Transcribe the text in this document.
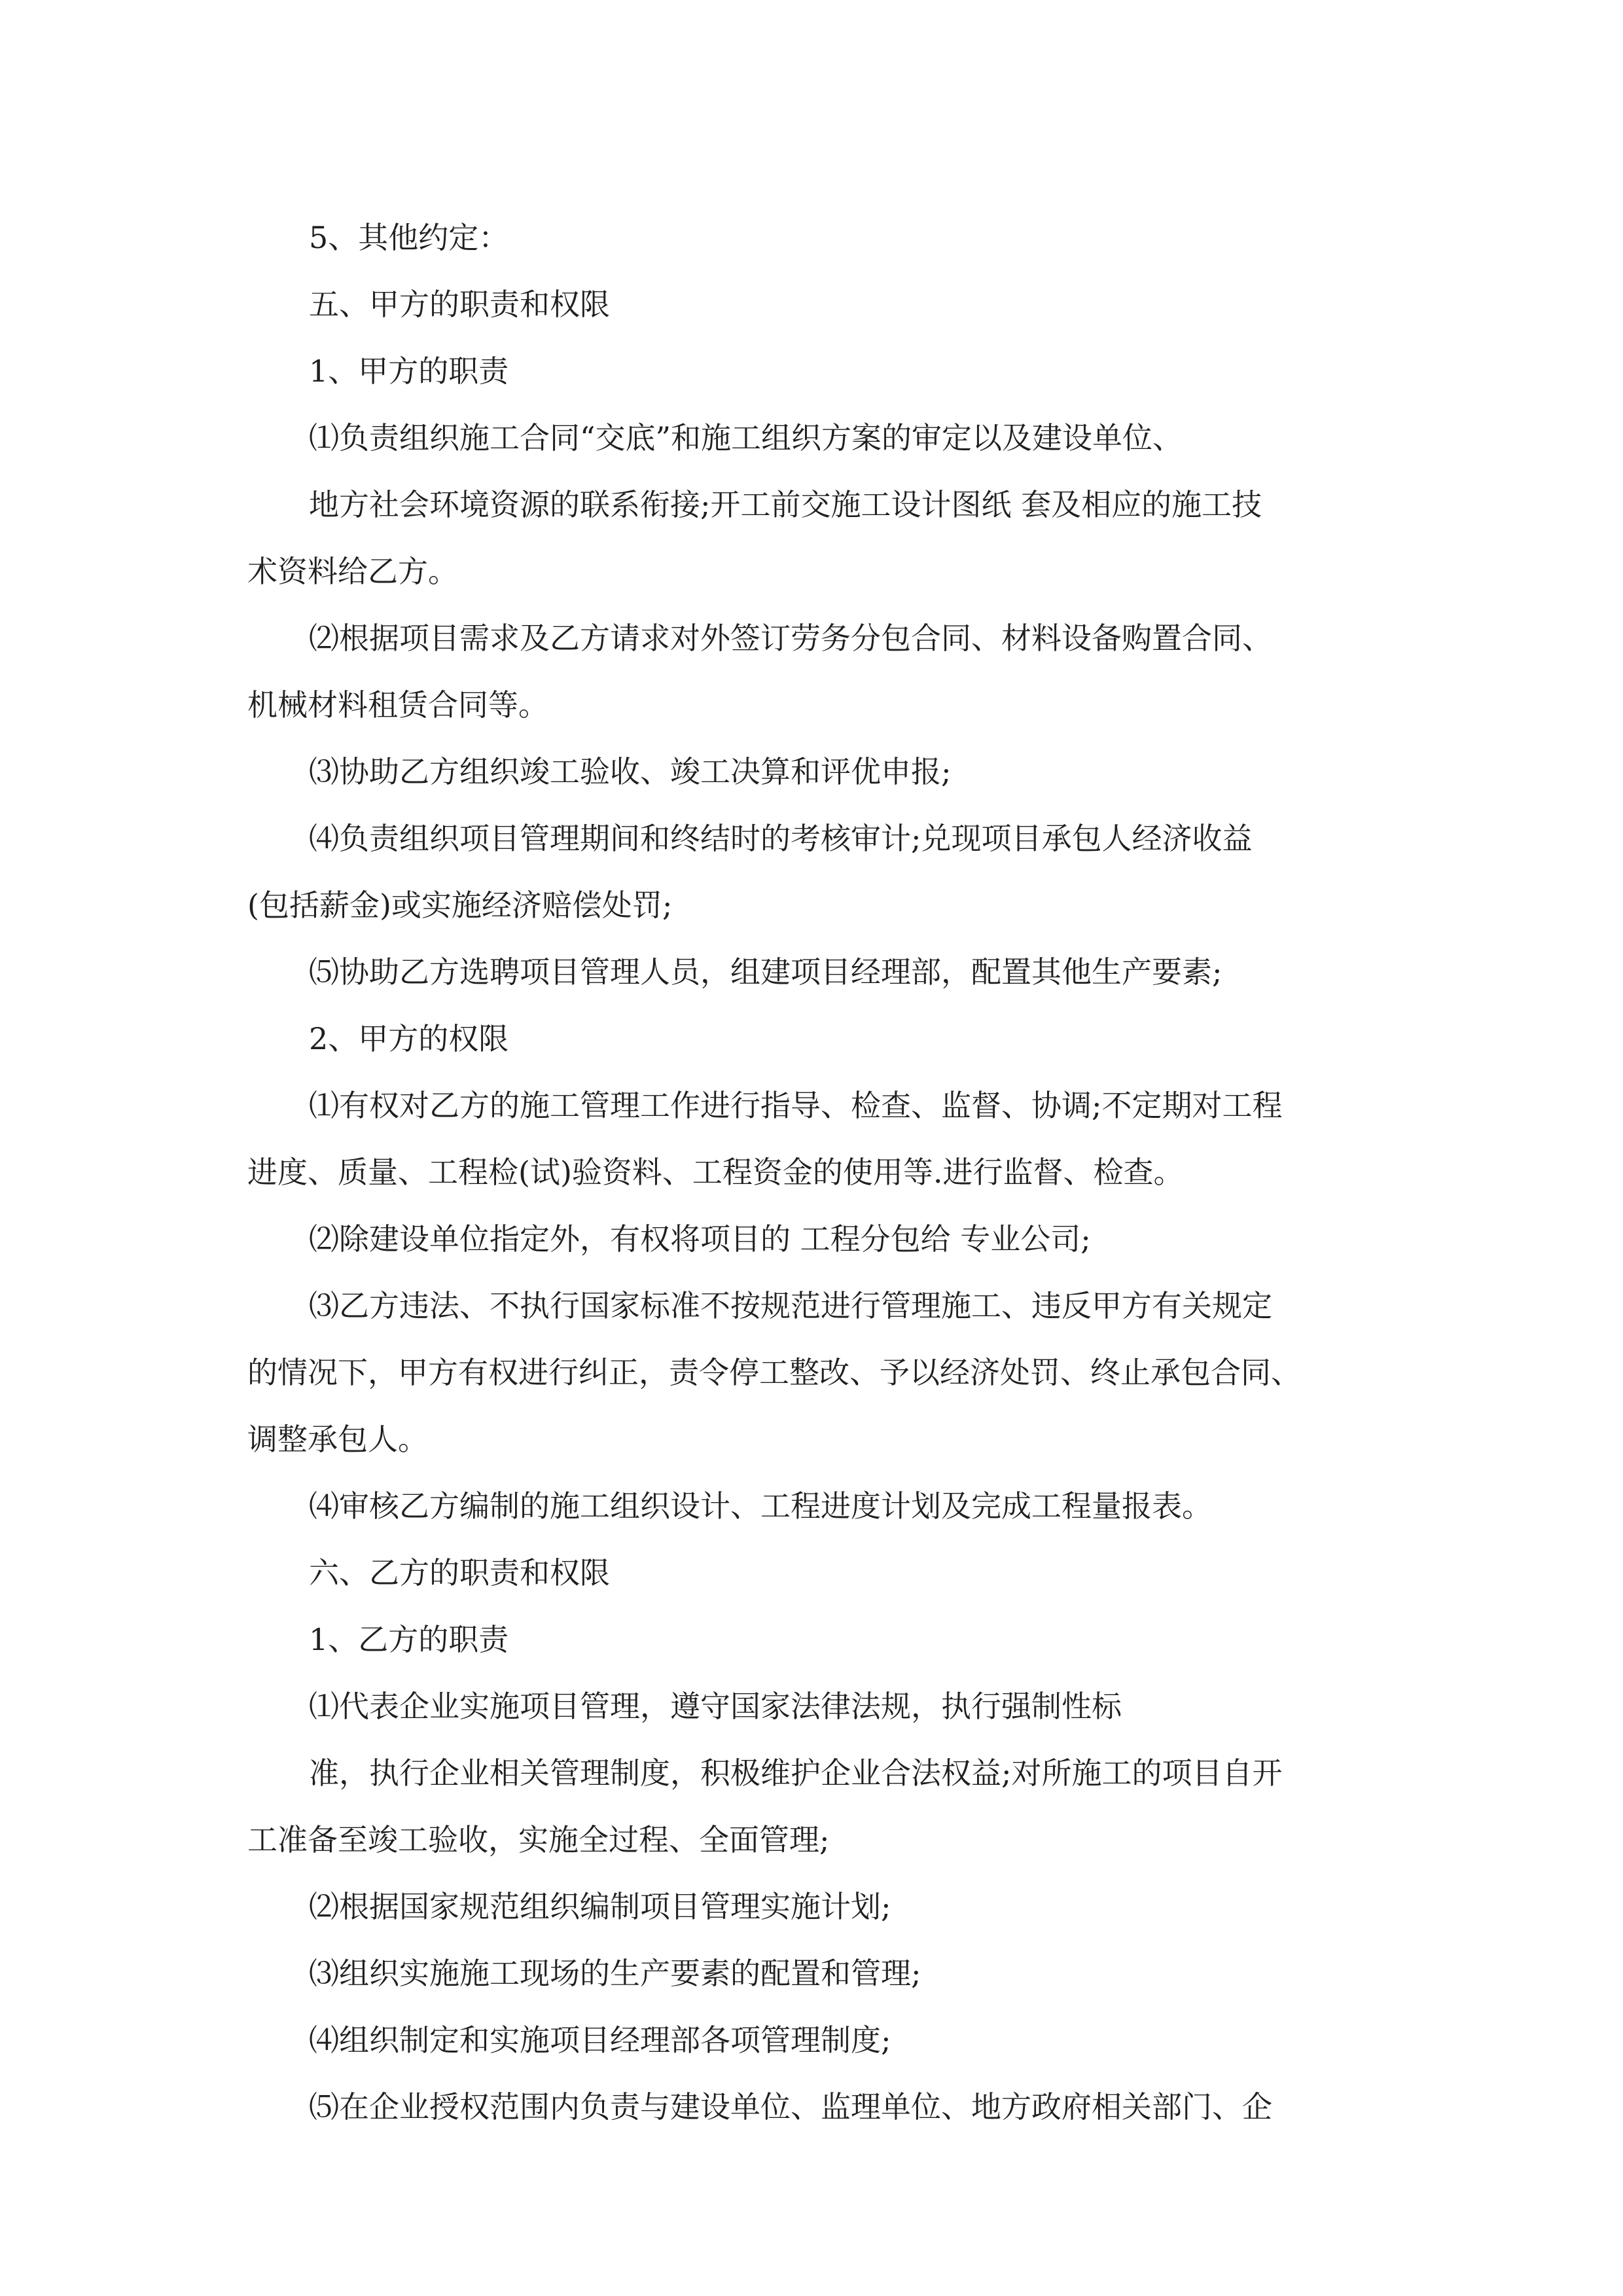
5、其他约定：
五、甲方的职责和权限
1、甲方的职责
⑴负责组织施工合同“交底”和施工组织方案的审定以及建设单位、
地方社会环境资源的联系衔接;开工前交施工设计图纸 套及相应的施工技
术资料给乙方。
⑵根据项目需求及乙方请求对外签订劳务分包合同、材料设备购置合同、
机械材料租赁合同等。
⑶协助乙方组织竣工验收、竣工决算和评优申报;
⑷负责组织项目管理期间和终结时的考核审计;兑现项目承包人经济收益
(包括薪金)或实施经济赔偿处罚;
⑸协助乙方选聘项目管理人员，组建项目经理部，配置其他生产要素;
2、甲方的权限
⑴有权对乙方的施工管理工作进行指导、检查、监督、协调;不定期对工程
进度、质量、工程检(试)验资料、工程资金的使用等.进行监督、检查。
⑵除建设单位指定外，有权将项目的 工程分包给 专业公司;
⑶乙方违法、不执行国家标准不按规范进行管理施工、违反甲方有关规定
的情况下，甲方有权进行纠正，责令停工整改、予以经济处罚、终止承包合同、
调整承包人。
⑷审核乙方编制的施工组织设计、工程进度计划及完成工程量报表。
六、乙方的职责和权限
1、乙方的职责
⑴代表企业实施项目管理，遵守国家法律法规，执行强制性标
准，执行企业相关管理制度，积极维护企业合法权益;对所施工的项目自开
工准备至竣工验收，实施全过程、全面管理;
⑵根据国家规范组织编制项目管理实施计划;
⑶组织实施施工现场的生产要素的配置和管理;
⑷组织制定和实施项目经理部各项管理制度;
⑸在企业授权范围内负责与建设单位、监理单位、地方政府相关部门、企
